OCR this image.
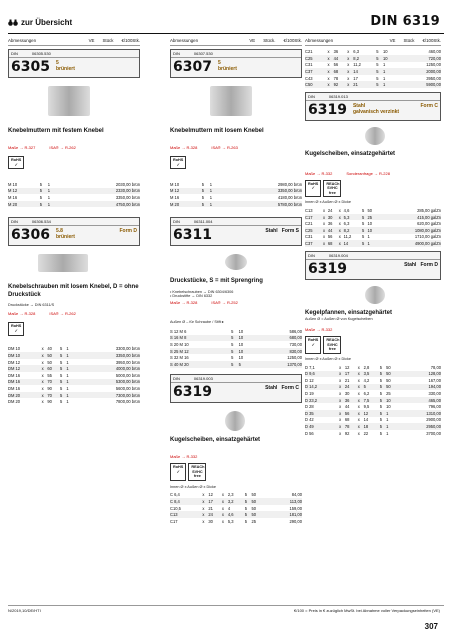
zur Übersicht	DIN 6319
Abmessungen	VE Stück €/100Stk.
DIN	06305.530
6305 5
brüniert
Knebelmuttern mit festem Knebel
Maße → R-327	ISA® → R-262
RoHS
✓
M 10	5	1	2030,00 brün
M 12	5	1	2330,00 brün
M 16	5	1	3350,00 brün
M 20	5	1	4750,00 brün
DIN	06306.534
6306 5.8
brüniert
Form D
Knebelschrauben mit losem Knebel, D = ohne Druckstück
Druckstücke → DIN 6311/S
Maße → R-328	ISA® → R-262
RoHS
✓
DM 10	x	40	5	1	3300,00 brün
DM 10	x	50	5	1	3350,00 brün
DM 12	x	50	5	1	3950,00 brün
DM 12	x	60	5	1	4000,00 brün
DM 16	x	55	5	1	5000,00 brün
DM 16	x	70	5	1	5300,00 brün
DM 16	x	90	5	1	5600,00 brün
DM 20	x	70	5	1	7300,00 brün
DM 20	x	90	5	1	7800,00 brün
Abmessungen	VE Stück. €/100Stk.
DIN	06307.530
6307 5
brüniert
Knebelmuttern mit losem Knebel
Maße → R-328	ISA® → R-263
RoHS
✓
M 10	5	1	2980,00 brün
M 12	5	1	3350,00 brün
M 16	5	1	4180,00 brün
M 20	5	1	5780,00 brün
DIN	06311.004
6311	Stahl Form S
Druckstücke, S = mit Sprengring
• Knebelschrauben → DIN 6304/6306
• Druckstifte → DIN 6332
Maße → R-328	ISA® → R-252
Außen Ø – für Schraube / Stift ▸
S 12 M 6	5	10	586,00
S 16 M 8	5	10	680,00
S 20 M 10	5	10	730,00
S 25 M 12	5	10	830,00
S 32 M 16	5	10	1250,00
S 40 M 20	5	5	1370,00
DIN	06319.003
6319	Stahl Form C
Kugelscheiben, einsatzgehärtet
Maße → R-332
RoHS
✓
REACh SVHC free
Innen Ø x Außen Ø x Dicke
C 6,4	x	12	x	2,3	5	50	84,00
C 8,4	x	17	x	3,2	5	50	113,00
C10,5	x	21	x	4	5	50	159,00
C13	x	24	x	4,6	5	50	181,00
C17	x	30	x	5,3	5	25	290,00
Abmessungen	VE Stück €/100Stk.
C21	x	36	x	6,3	5	10	460,00
C25	x	44	x	8,2	5	10	720,00
C31	x	56	x	11,2	5	1	1250,00
C37	x	68	x	14	5	1	2000,00
C43	x	78	x	17	5	1	3950,00
C50	x	92	x	21	5	1	5900,00
DIN	06319.013
6319 Stahl	Form C
galvanisch verzinkt
Kugelscheiben, einsatzgehärtet
Maße → R-332	Sonderanfrage → R-228
RoHS
✓
REACh SVHC free
Innen Ø x Außen Ø x Dicke
C13	x	24	x	4,6	5	50	285,00 galZn
C17	x	30	x	5,3	5	25	415,00 galZn
C21	x	36	x	6,3	5	10	620,00 galZn
C25	x	44	x	8,2	5	10	1080,00 galZn
C31	x	56	x	11,2	5	1	1710,00 galZn
C37	x	68	x	14	5	1	4900,00 galZn
DIN	06319.004
6319	Stahl Form D
Kegelpfannen, einsatzgehärtet
Außen Ø = Außen Ø von Kugelscheiben
Maße → R-332
RoHS
✓
REACh SVHC free
Innen Ø x Außen Ø x Dicke
D 7,1	x	12	x	2,8	5	50	78,00
D 9,6	x	17	x	3,5	5	50	128,00
D 12	x	21	x	4,2	5	50	167,00
D 14,2	x	24	x	5	5	50	194,00
D 19	x	30	x	6,2	5	25	330,00
D 23,2	x	36	x	7,5	5	10	465,00
D 28	x	44	x	9,5	5	10	796,00
D 35	x	56	x	12	5	1	1310,00
D 42	x	68	x	14	5	1	2900,00
D 49	x	78	x	18	5	1	2950,00
D 56	x	92	x	22	5	1	3700,00
N/2019,10/DE/HTI	€/100 = Preis in € zuzüglich MwSt. bei Abnahme voller Verpackungseinheiten (VE)
307
